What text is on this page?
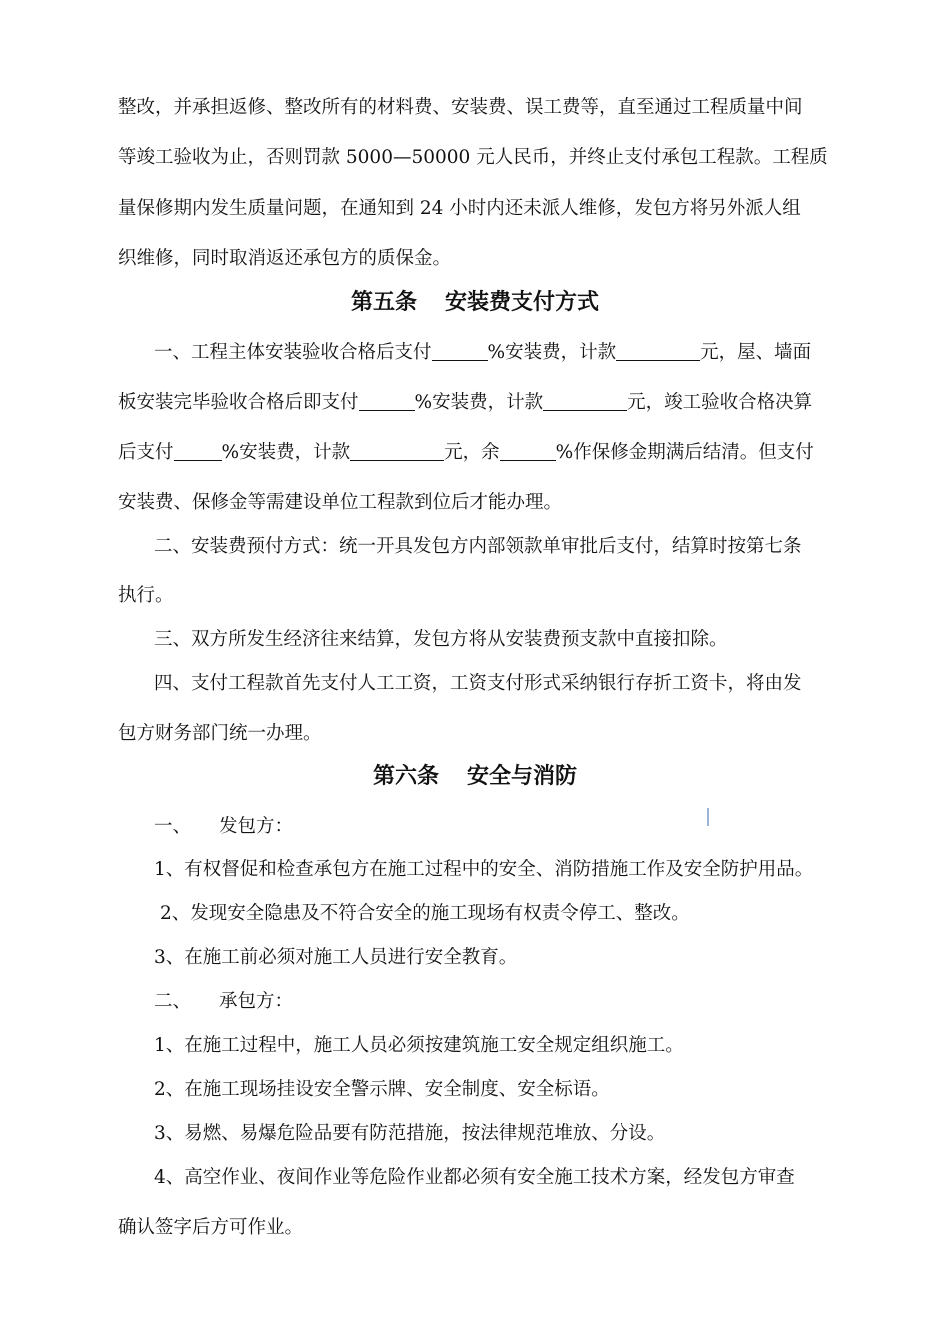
整改，并承担返修、整改所有的材料费、安装费、误工费等，直至通过工程质量中间
等竣工验收为止，否则罚款 5000—50000 元人民币，并终止支付承包工程款。工程质
量保修期内发生质量问题，在通知到 24 小时内还未派人维修，发包方将另外派人组
织维修，同时取消返还承包方的质保金。
第五条 安装费支付方式
一、工程主体安装验收合格后支付	%安装费，计款	元，屋、墙面
板安装完毕验收合格后即支付	%安装费，计款	元，竣工验收合格决算
后支付	%安装费，计款	元，余	%作保修金期满后结清。但支付
安装费、保修金等需建设单位工程款到位后才能办理。
二、安装费预付方式：统一开具发包方内部领款单审批后支付，结算时按第七条
执行。
三、双方所发生经济往来结算，发包方将从安装费预支款中直接扣除。
四、支付工程款首先支付人工工资，工资支付形式采纳银行存折工资卡，将由发
包方财务部门统一办理。
第六条 安全与消防
一、 发包方：
1、有权督促和检查承包方在施工过程中的安全、消防措施工作及安全防护用品。
2、发现安全隐患及不符合安全的施工现场有权责令停工、整改。
3、在施工前必须对施工人员进行安全教育。
二、 承包方：
1、在施工过程中，施工人员必须按建筑施工安全规定组织施工。
2、在施工现场挂设安全警示牌、安全制度、安全标语。
3、易燃、易爆危险品要有防范措施，按法律规范堆放、分设。
4、高空作业、夜间作业等危险作业都必须有安全施工技术方案，经发包方审查
确认签字后方可作业。
